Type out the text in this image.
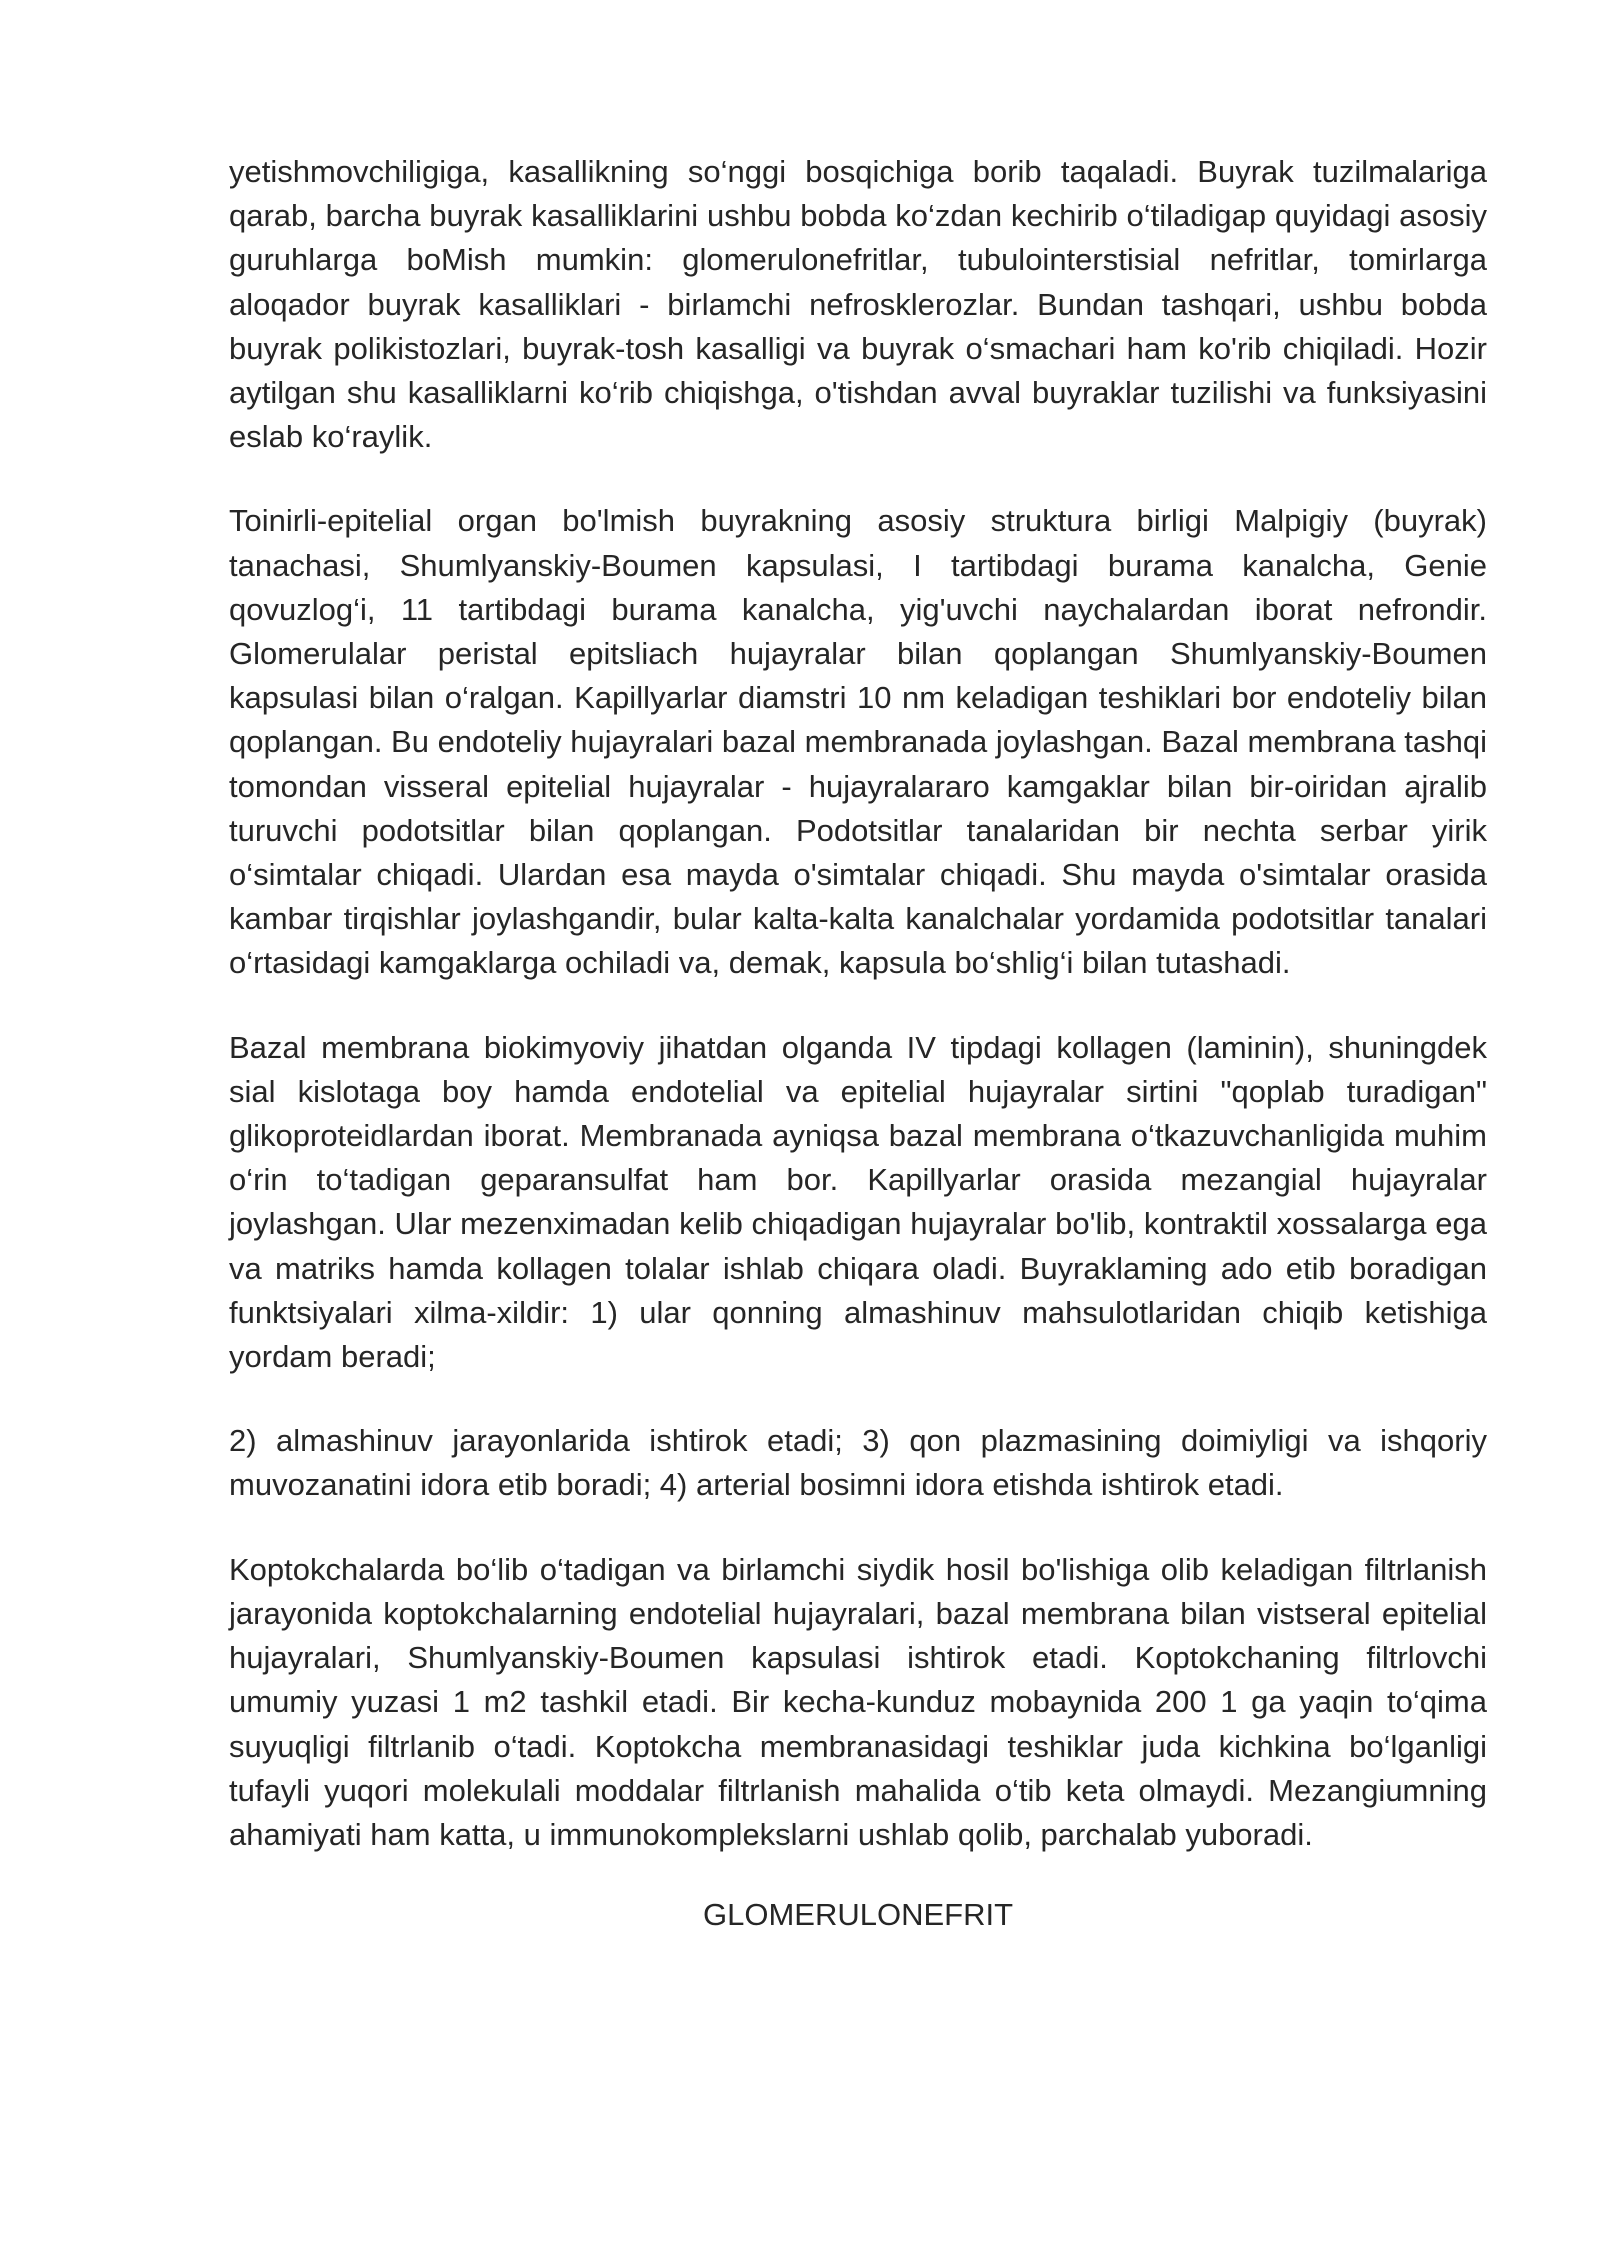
yetishmovchiligiga, kasallikning so‘nggi bosqichiga borib taqaladi. Buyrak tuzilmalariga qarab, barcha buyrak kasalliklarini ushbu bobda ko‘zdan kechirib o‘tiladigap quyidagi asosiy guruhlarga boMish mumkin: glomerulonefritlar, tubulointerstisial nefritlar, tomirlarga aloqador buyrak kasalliklari - birlamchi nefrosklerozlar. Bundan tashqari, ushbu bobda buyrak polikistozlari, buyrak-tosh kasalligi va buyrak o‘smachari ham ko'rib chiqiladi. Hozir aytilgan shu kasalliklarni ko‘rib chiqishga, o'tishdan avval buyraklar tuzilishi va funksiyasini eslab ko‘raylik.

Toinirli-epitelial organ bo'lmish buyrakning asosiy struktura birligi Malpigiy (buyrak) tanachasi, Shumlyanskiy-Boumen kapsulasi, I tartibdagi burama kanalcha, Genie qovuzlog‘i, 11 tartibdagi burama kanalcha, yig'uvchi naychalardan iborat nefrondir. Glomerulalar peristal epitsliach hujayralar bilan qoplangan Shumlyanskiy-Boumen kapsulasi bilan o‘ralgan. Kapillyarlar diamstri 10 nm keladigan teshiklari bor endoteliy bilan qoplangan. Bu endoteliy hujayralari bazal membranada joylashgan. Bazal membrana tashqi tomondan visseral epitelial hujayralar - hujayralararo kamgaklar bilan bir-oiridan ajralib turuvchi podotsitlar bilan qoplangan. Podotsitlar tanalaridan bir nechta serbar yirik o‘simtalar chiqadi. Ulardan esa mayda o'simtalar chiqadi. Shu mayda o'simtalar orasida kambar tirqishlar joylashgandir, bular kalta-kalta kanalchalar yordamida podotsitlar tanalari o‘rtasidagi kamgaklarga ochiladi va, demak, kapsula bo‘shlig‘i bilan tutashadi.

Bazal membrana biokimyoviy jihatdan olganda IV tipdagi kollagen (laminin), shuningdek sial kislotaga boy hamda endotelial va epitelial hujayralar sirtini "qoplab turadigan" glikoproteidlardan iborat. Membranada ayniqsa bazal membrana o‘tkazuvchanligida muhim o‘rin to‘tadigan geparansulfat ham bor. Kapillyarlar orasida mezangial hujayralar joylashgan. Ular mezenximadan kelib chiqadigan hujayralar bo'lib, kontraktil xossalarga ega va matriks hamda kollagen tolalar ishlab chiqara oladi. Buyraklaming ado etib boradigan funktsiyalari xilma-xildir: 1) ular qonning almashinuv mahsulotlaridan chiqib ketishiga yordam beradi;

2) almashinuv jarayonlarida ishtirok etadi; 3) qon plazmasining doimiyligi va ishqoriy muvozanatini idora etib boradi; 4) arterial bosimni idora etishda ishtirok etadi.

Koptokchalarda bo‘lib o‘tadigan va birlamchi siydik hosil bo'lishiga olib keladigan filtrlanish jarayonida koptokchalarning endotelial hujayralari, bazal membrana bilan vistseral epitelial hujayralari, Shumlyanskiy-Boumen kapsulasi ishtirok etadi. Koptokchaning filtrlovchi umumiy yuzasi 1 m2 tashkil etadi. Bir kecha-kunduz mobaynida 200 1 ga yaqin to‘qima suyuqligi filtrlanib o‘tadi. Koptokcha membranasidagi teshiklar juda kichkina bo‘lganligi tufayli yuqori molekulali moddalar filtrlanish mahalida o‘tib keta olmaydi. Mezangiumning ahamiyati ham katta, u immunokomplekslarni ushlab qolib, parchalab yuboradi.

GLOMERULONEFRIT
